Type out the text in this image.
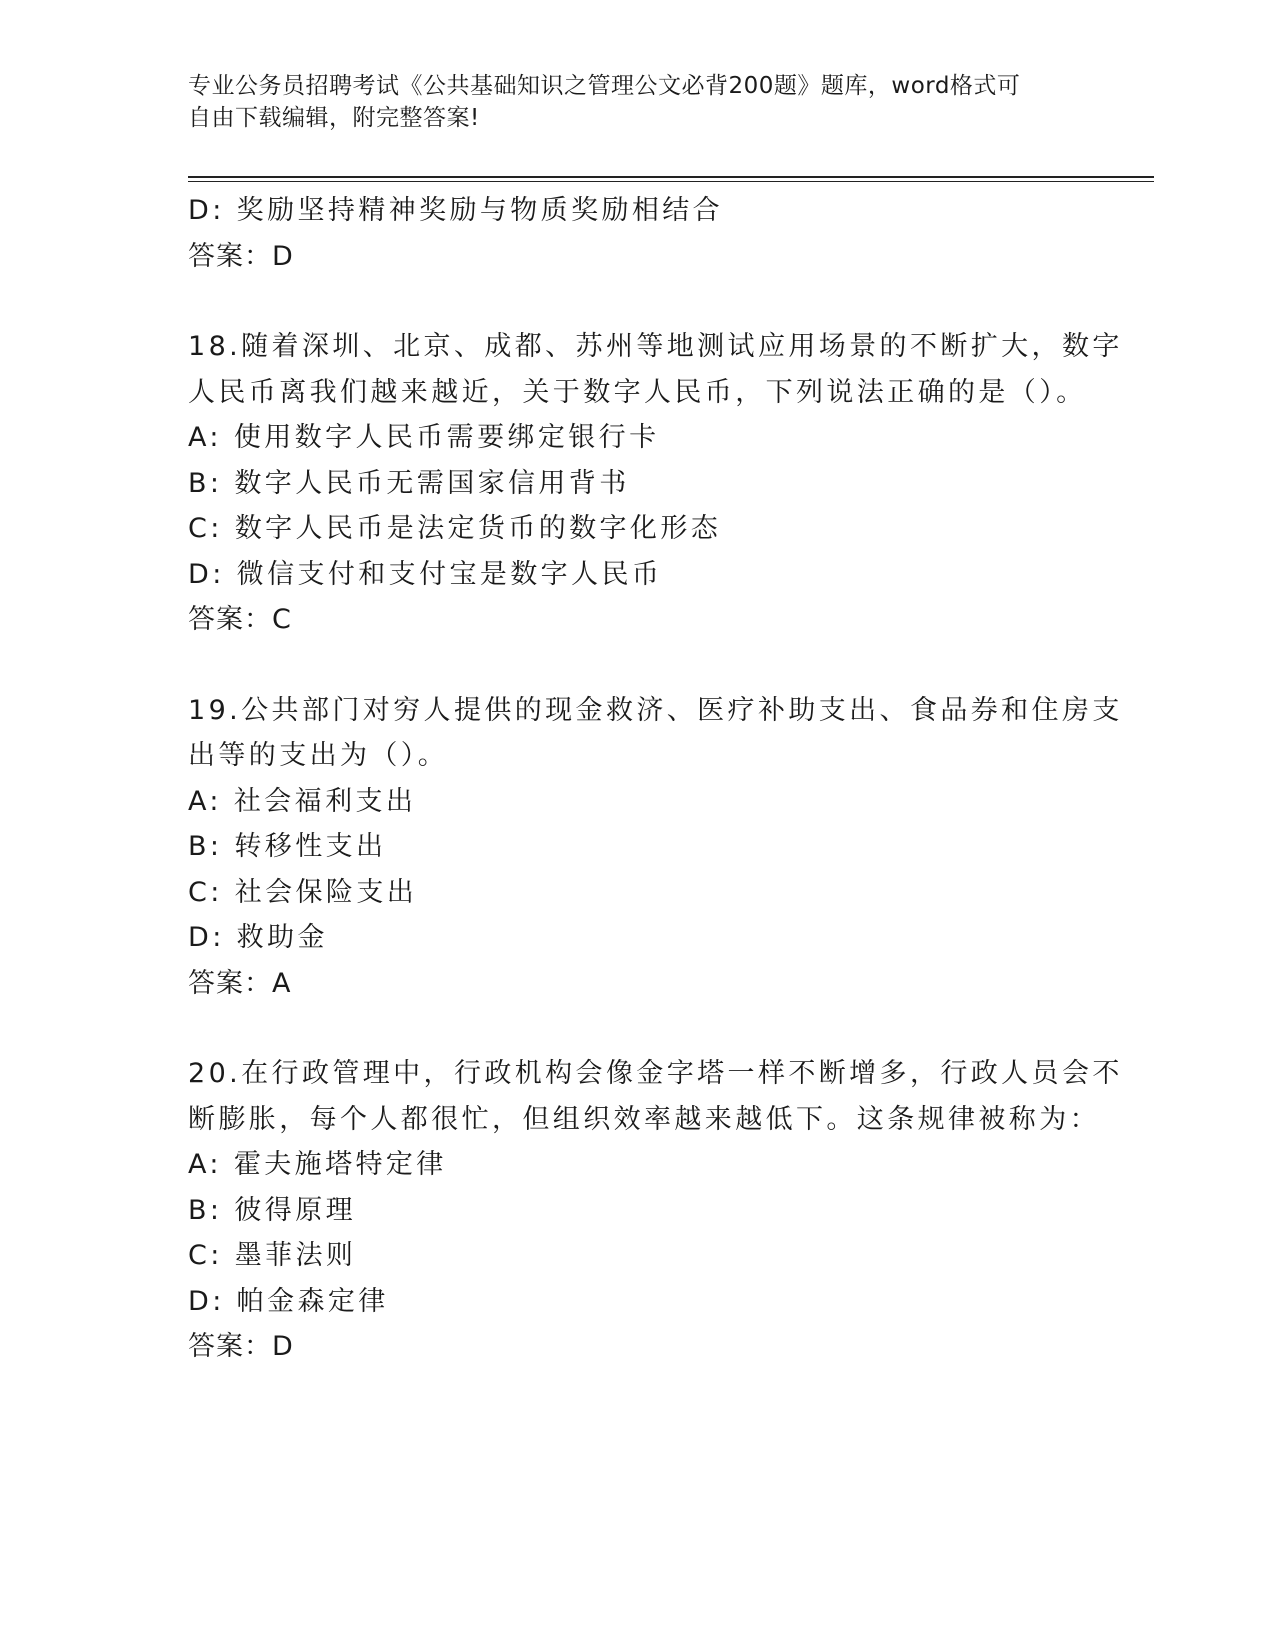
专业公务员招聘考试《公共基础知识之管理公文必背200题》题库，word格式可
自由下载编辑，附完整答案!
D: 奖励坚持精神奖励与物质奖励相结合
答案：D
18.随着深圳、北京、成都、苏州等地测试应用场景的不断扩大，数字
人民币离我们越来越近，关于数字人民币，下列说法正确的是（）。
A: 使用数字人民币需要绑定银行卡
B: 数字人民币无需国家信用背书
C: 数字人民币是法定货币的数字化形态
D: 微信支付和支付宝是数字人民币
答案：C
19.公共部门对穷人提供的现金救济、医疗补助支出、食品券和住房支
出等的支出为（）。
A: 社会福利支出
B: 转移性支出
C: 社会保险支出
D: 救助金
答案：A
20.在行政管理中，行政机构会像金字塔一样不断增多，行政人员会不
断膨胀，每个人都很忙，但组织效率越来越低下。这条规律被称为：
A: 霍夫施塔特定律
B: 彼得原理
C: 墨菲法则
D: 帕金森定律
答案：D
